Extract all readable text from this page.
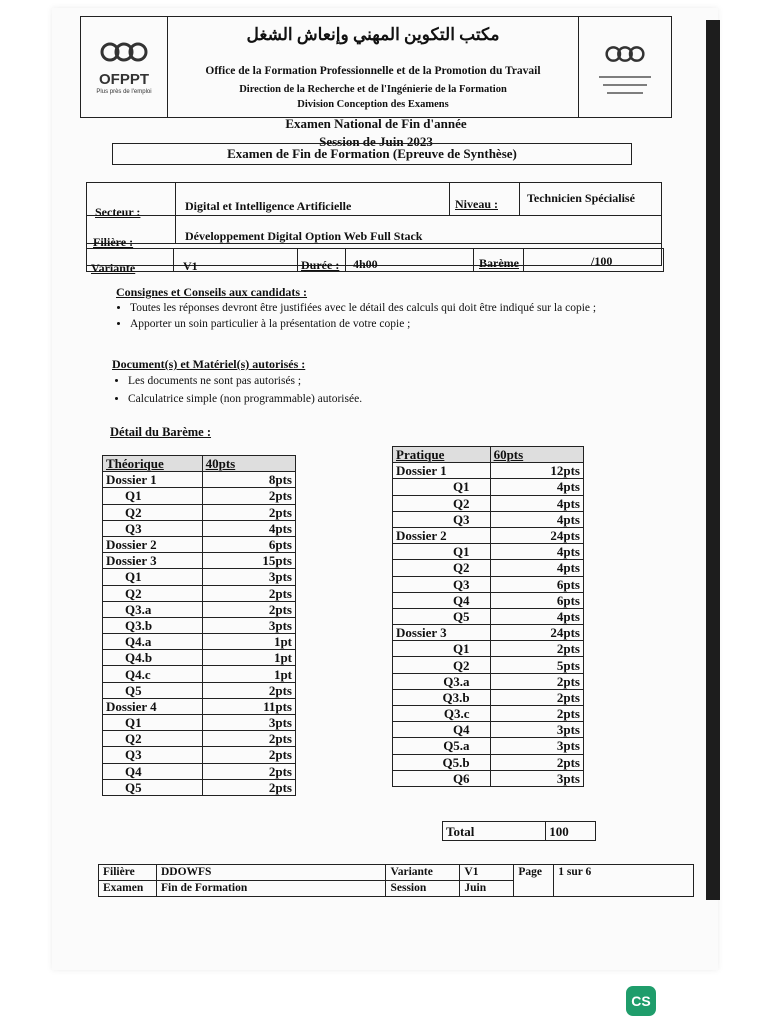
OFPPT
Plus près de l'emploi
مكتب التكوين المهني وإنعاش الشغل
Office de la Formation Professionnelle et de la Promotion du Travail
Direction de la Recherche et de l'Ingénierie de la Formation
Division Conception des Examens
Examen National de Fin d'année
Session de Juin 2023
Examen de Fin de Formation (Epreuve de Synthèse)
Secteur :	Digital et Intelligence Artificielle	Niveau : Technicien Spécialisé
Filière :	Développement Digital Option Web Full Stack
Variante	V1	Durée : 4h00	Barème	/100
Consignes et Conseils aux candidats :
• Toutes les réponses devront être justifiées avec le détail des calculs qui doit être indiqué sur la copie ;
• Apporter un soin particulier à la présentation de votre copie ;
Document(s) et Matériel(s) autorisés :
• Les documents ne sont pas autorisés ;
• Calculatrice simple (non programmable) autorisée.
Détail du Barème :
Théorique	40pts
Dossier 1	8pts
Q1	2pts
Q2	2pts
Q3	4pts
Dossier 2	6pts
Dossier 3	15pts
Q1	3pts
Q2	2pts
Q3.a	2pts
Q3.b	3pts
Q4.a	1pt
Q4.b	1pt
Q4.c	1pt
Q5	2pts
Dossier 4	11pts
Q1	3pts
Q2	2pts
Q3	2pts
Q4	2pts
Q5	2pts
Pratique	60pts
Dossier 1	12pts
Q1	4pts
Q2	4pts
Q3	4pts
Dossier 2	24pts
Q1	4pts
Q2	4pts
Q3	6pts
Q4	6pts
Q5	4pts
Dossier 3	24pts
Q1	2pts
Q2	5pts
Q3.a	2pts
Q3.b	2pts
Q3.c	2pts
Q4	3pts
Q5.a	3pts
Q5.b	2pts
Q6	3pts
Total	100

Filière	DDOWFS	Variante	V1	Page	1 sur 6
Examen	Fin de Formation	Session	Juin		
CS
